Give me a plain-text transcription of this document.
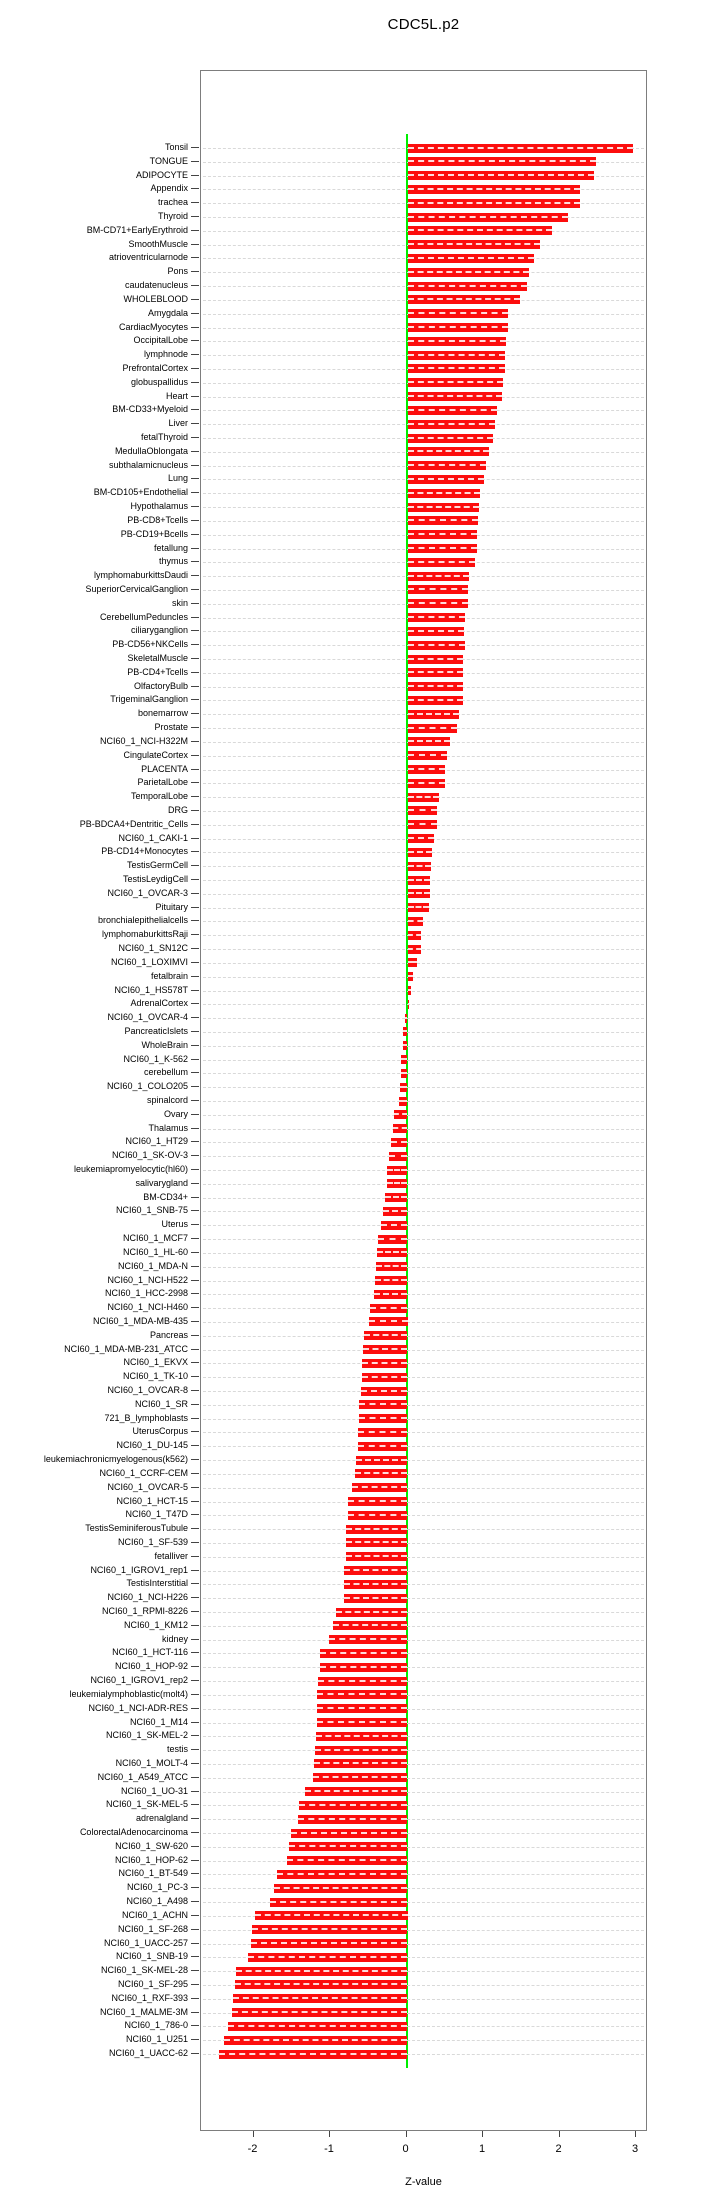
CDC5L.p2
Z-value
Tonsil
TONGUE
ADIPOCYTE
Appendix
trachea
Thyroid
BM-CD71+EarlyErythroid
SmoothMuscle
atrioventricularnode
Pons
caudatenucleus
WHOLEBLOOD
Amygdala
CardiacMyocytes
OccipitalLobe
lymphnode
PrefrontalCortex
globuspallidus
Heart
BM-CD33+Myeloid
Liver
fetalThyroid
MedullaOblongata
subthalamicnucleus
Lung
BM-CD105+Endothelial
Hypothalamus
PB-CD8+Tcells
PB-CD19+Bcells
fetallung
thymus
lymphomaburkittsDaudi
SuperiorCervicalGanglion
skin
CerebellumPeduncles
ciliaryganglion
PB-CD56+NKCells
SkeletalMuscle
PB-CD4+Tcells
OlfactoryBulb
TrigeminalGanglion
bonemarrow
Prostate
NCI60_1_NCI-H322M
CingulateCortex
PLACENTA
ParietalLobe
TemporalLobe
DRG
PB-BDCA4+Dentritic_Cells
NCI60_1_CAKI-1
PB-CD14+Monocytes
TestisGermCell
TestisLeydigCell
NCI60_1_OVCAR-3
Pituitary
bronchialepithelialcells
lymphomaburkittsRaji
NCI60_1_SN12C
NCI60_1_LOXIMVI
fetalbrain
NCI60_1_HS578T
AdrenalCortex
NCI60_1_OVCAR-4
PancreaticIslets
WholeBrain
NCI60_1_K-562
cerebellum
NCI60_1_COLO205
spinalcord
Ovary
Thalamus
NCI60_1_HT29
NCI60_1_SK-OV-3
leukemiapromyelocytic(hl60)
salivarygland
BM-CD34+
NCI60_1_SNB-75
Uterus
NCI60_1_MCF7
NCI60_1_HL-60
NCI60_1_MDA-N
NCI60_1_NCI-H522
NCI60_1_HCC-2998
NCI60_1_NCI-H460
NCI60_1_MDA-MB-435
Pancreas
NCI60_1_MDA-MB-231_ATCC
NCI60_1_EKVX
NCI60_1_TK-10
NCI60_1_OVCAR-8
NCI60_1_SR
721_B_lymphoblasts
UterusCorpus
NCI60_1_DU-145
leukemiachronicmyelogenous(k562)
NCI60_1_CCRF-CEM
NCI60_1_OVCAR-5
NCI60_1_HCT-15
NCI60_1_T47D
TestisSeminiferousTubule
NCI60_1_SF-539
fetalliver
NCI60_1_IGROV1_rep1
TestisInterstitial
NCI60_1_NCI-H226
NCI60_1_RPMI-8226
NCI60_1_KM12
kidney
NCI60_1_HCT-116
NCI60_1_HOP-92
NCI60_1_IGROV1_rep2
leukemialymphoblastic(molt4)
NCI60_1_NCI-ADR-RES
NCI60_1_M14
NCI60_1_SK-MEL-2
testis
NCI60_1_MOLT-4
NCI60_1_A549_ATCC
NCI60_1_UO-31
NCI60_1_SK-MEL-5
adrenalgland
ColorectalAdenocarcinoma
NCI60_1_SW-620
NCI60_1_HOP-62
NCI60_1_BT-549
NCI60_1_PC-3
NCI60_1_A498
NCI60_1_ACHN
NCI60_1_SF-268
NCI60_1_UACC-257
NCI60_1_SNB-19
NCI60_1_SK-MEL-28
NCI60_1_SF-295
NCI60_1_RXF-393
NCI60_1_MALME-3M
NCI60_1_786-0
NCI60_1_U251
NCI60_1_UACC-62
-2	-1	0	1	2	3
